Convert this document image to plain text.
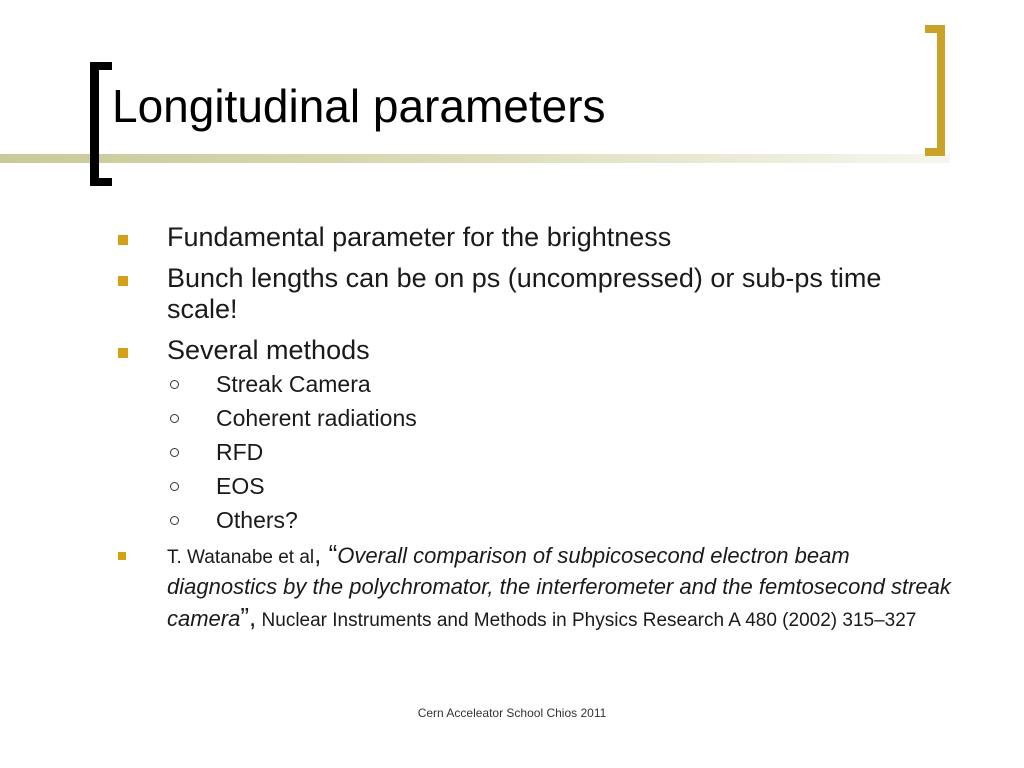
Longitudinal parameters
Fundamental parameter for the brightness
Bunch lengths can be on ps (uncompressed) or sub-ps time scale!
Several methods
Streak Camera
Coherent radiations
RFD
EOS
Others?
T. Watanabe et al, “Overall comparison of subpicosecond electron beam diagnostics by the polychromator, the interferometer and the femtosecond streak camera”, Nuclear Instruments and Methods in Physics Research A 480 (2002) 315–327
Cern Acceleator School Chios 2011
